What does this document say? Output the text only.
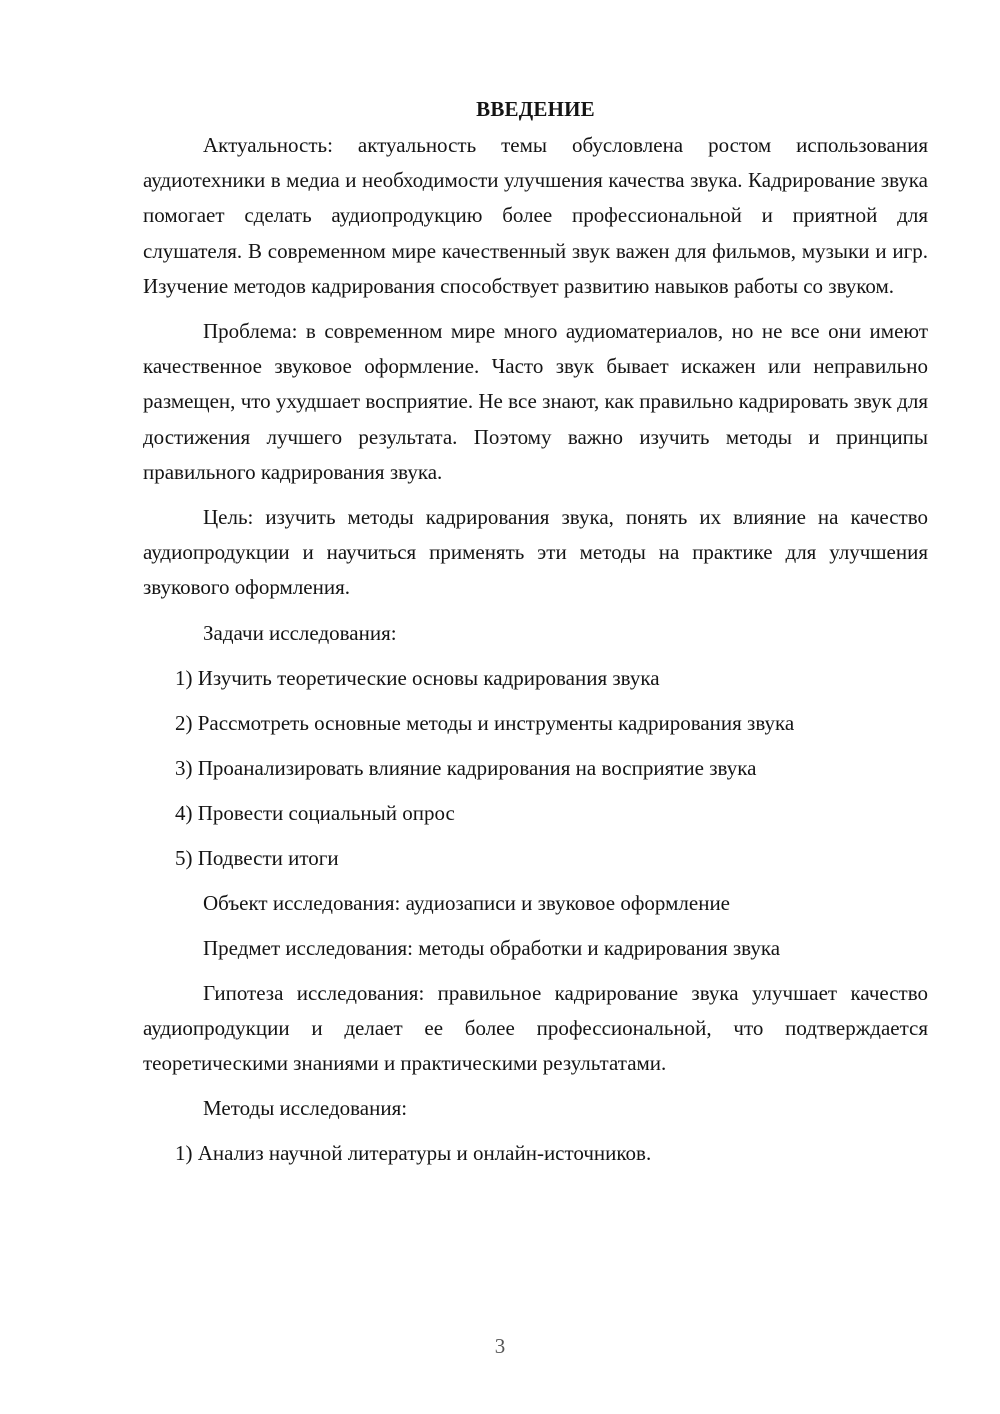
ВВЕДЕНИЕ

Актуальность: актуальность темы обусловлена ростом использования аудиотехники в медиа и необходимости улучшения качества звука. Кадрирование звука помогает сделать аудиопродукцию более профессиональной и приятной для слушателя. В современном мире качественный звук важен для фильмов, музыки и игр. Изучение методов кадрирования способствует развитию навыков работы со звуком.

Проблема: в современном мире много аудиоматериалов, но не все они имеют качественное звуковое оформление. Часто звук бывает искажен или неправильно размещен, что ухудшает восприятие. Не все знают, как правильно кадрировать звук для достижения лучшего результата. Поэтому важно изучить методы и принципы правильного кадрирования звука.

Цель: изучить методы кадрирования звука, понять их влияние на качество аудиопродукции и научиться применять эти методы на практике для улучшения звукового оформления.

Задачи исследования:
1) Изучить теоретические основы кадрирования звука
2) Рассмотреть основные методы и инструменты кадрирования звука
3) Проанализировать влияние кадрирования на восприятие звука
4) Провести социальный опрос
5) Подвести итоги
Объект исследования: аудиозаписи и звуковое оформление
Предмет исследования: методы обработки и кадрирования звука

Гипотеза исследования: правильное кадрирование звука улучшает качество аудиопродукции и делает ее более профессиональной, что подтверждается теоретическими знаниями и практическими результатами.

Методы исследования:
1) Анализ научной литературы и онлайн-источников.
3
